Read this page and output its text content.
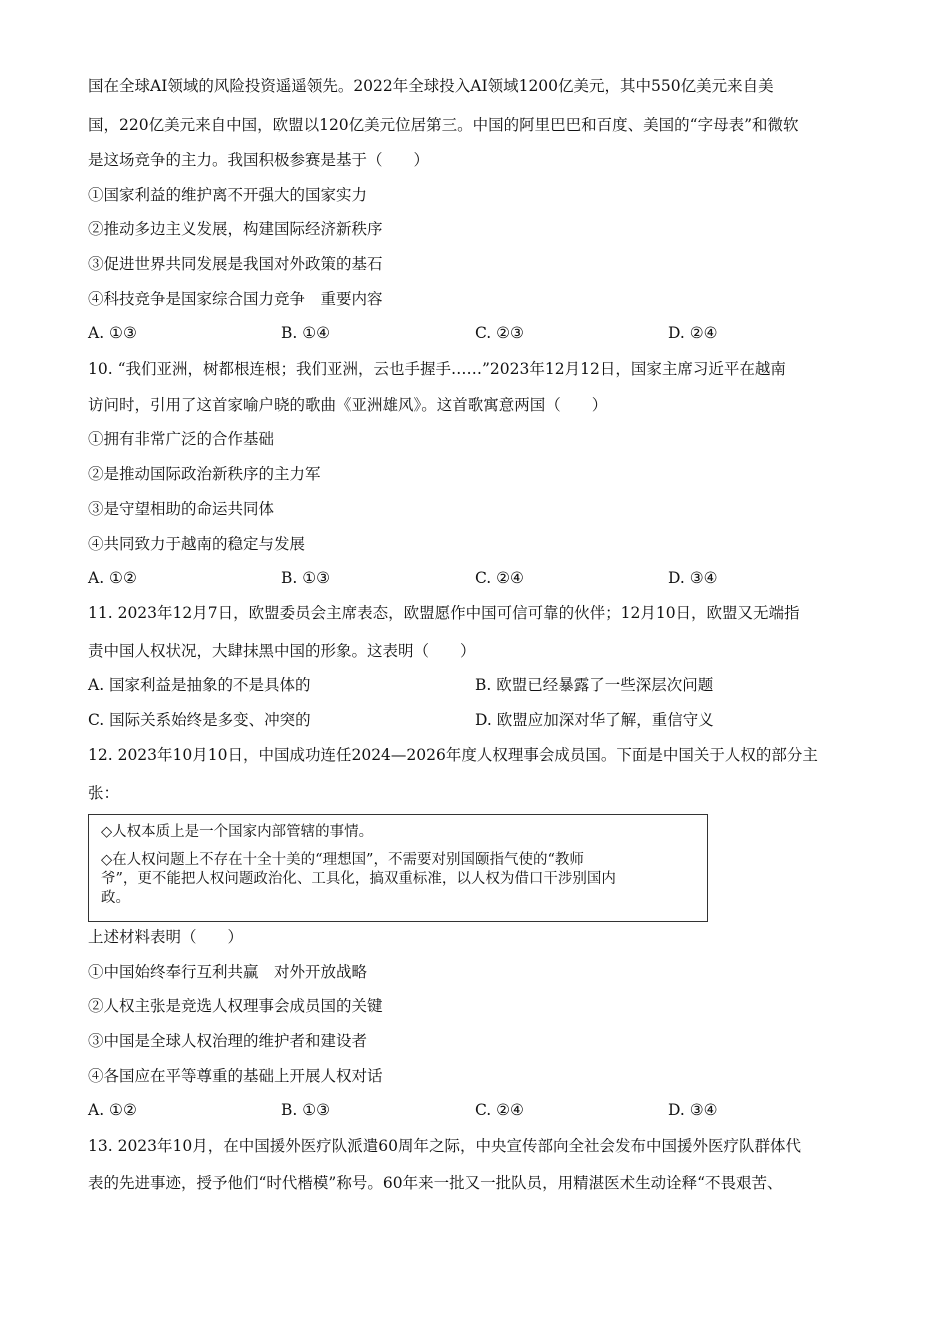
国在全球AI领域的风险投资遥遥领先。2022年全球投入AI领域1200亿美元，其中550亿美元来自美
国，220亿美元来自中国，欧盟以120亿美元位居第三。中国的阿里巴巴和百度、美国的“字母表”和微软
是这场竞争的主力。我国积极参赛是基于（　　）
①国家利益的维护离不开强大的国家实力
②推动多边主义发展，构建国际经济新秩序
③促进世界共同发展是我国对外政策的基石
④科技竞争是国家综合国力竞争　重要内容
A. ①③	B. ①④	C. ②③	D. ②④
10. “我们亚洲，树都根连根；我们亚洲，云也手握手……”2023年12月12日，国家主席习近平在越南
访问时，引用了这首家喻户晓的歌曲《亚洲雄风》。这首歌寓意两国（　　）
①拥有非常广泛的合作基础
②是推动国际政治新秩序的主力军
③是守望相助的命运共同体
④共同致力于越南的稳定与发展
A. ①②	B. ①③	C. ②④	D. ③④
11. 2023年12月7日，欧盟委员会主席表态，欧盟愿作中国可信可靠的伙伴；12月10日，欧盟又无端指
责中国人权状况，大肆抹黑中国的形象。这表明（　　）
A. 国家利益是抽象的不是具体的	B. 欧盟已经暴露了一些深层次问题
C. 国际关系始终是多变、冲突的	D. 欧盟应加深对华了解，重信守义
12. 2023年10月10日，中国成功连任2024—2026年度人权理事会成员国。下面是中国关于人权的部分主
张：
◇人权本质上是一个国家内部管辖的事情。
◇在人权问题上不存在十全十美的“理想国”，不需要对别国颐指气使的“教师
爷”，更不能把人权问题政治化、工具化，搞双重标准，以人权为借口干涉别国内
政。
上述材料表明（　　）
①中国始终奉行互利共赢　对外开放战略
②人权主张是竞选人权理事会成员国的关键
③中国是全球人权治理的维护者和建设者
④各国应在平等尊重的基础上开展人权对话
A. ①②	B. ①③	C. ②④	D. ③④
13. 2023年10月，在中国援外医疗队派遣60周年之际，中央宣传部向全社会发布中国援外医疗队群体代
表的先进事迹，授予他们“时代楷模”称号。60年来一批又一批队员，用精湛医术生动诠释“不畏艰苦、
